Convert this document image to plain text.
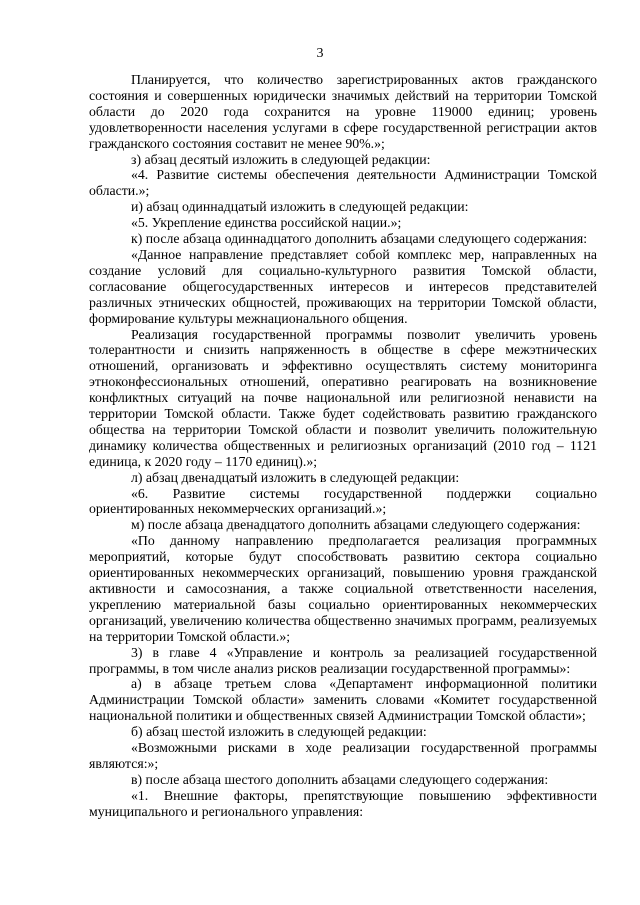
3

Планируется, что количество зарегистрированных актов гражданского состояния и совершенных юридически значимых действий на территории Томской области до 2020 года сохранится на уровне 119000 единиц; уровень удовлетворенности населения услугами в сфере государственной регистрации актов гражданского состояния составит не менее 90%.»;

з) абзац десятый изложить в следующей редакции:

«4. Развитие системы обеспечения деятельности Администрации Томской области.»;

и) абзац одиннадцатый изложить в следующей редакции:

«5. Укрепление единства российской нации.»;

к) после абзаца одиннадцатого дополнить абзацами следующего содержания:

«Данное направление представляет собой комплекс мер, направленных на создание условий для социально-культурного развития Томской области, согласование общегосударственных интересов и интересов представителей различных этнических общностей, проживающих на территории Томской области, формирование культуры межнационального общения.

Реализация государственной программы позволит увеличить уровень толерантности и снизить напряженность в обществе в сфере межэтнических отношений, организовать и эффективно осуществлять систему мониторинга этноконфессиональных отношений, оперативно реагировать на возникновение конфликтных ситуаций на почве национальной или религиозной ненависти на территории Томской области. Также будет содействовать развитию гражданского общества на территории Томской области и позволит увеличить положительную динамику количества общественных и религиозных организаций (2010 год – 1121 единица, к 2020 году – 1170 единиц).»;

л) абзац двенадцатый изложить в следующей редакции:

«6. Развитие системы государственной поддержки социально ориентированных некоммерческих организаций.»;

м) после абзаца двенадцатого дополнить абзацами следующего содержания:

«По данному направлению предполагается реализация программных мероприятий, которые будут способствовать развитию сектора социально ориентированных некоммерческих организаций, повышению уровня гражданской активности и самосознания, а также социальной ответственности населения, укреплению материальной базы социально ориентированных некоммерческих организаций, увеличению количества общественно значимых программ, реализуемых на территории Томской области.»;

3) в главе 4 «Управление и контроль за реализацией государственной программы, в том числе анализ рисков реализации государственной программы»:

а) в абзаце третьем слова «Департамент информационной политики Администрации Томской области» заменить словами «Комитет государственной национальной политики и общественных связей Администрации Томской области»;

б) абзац шестой изложить в следующей редакции:

«Возможными рисками в ходе реализации государственной программы являются:»;

в) после абзаца шестого дополнить абзацами следующего содержания:

«1. Внешние факторы, препятствующие повышению эффективности муниципального и регионального управления:
